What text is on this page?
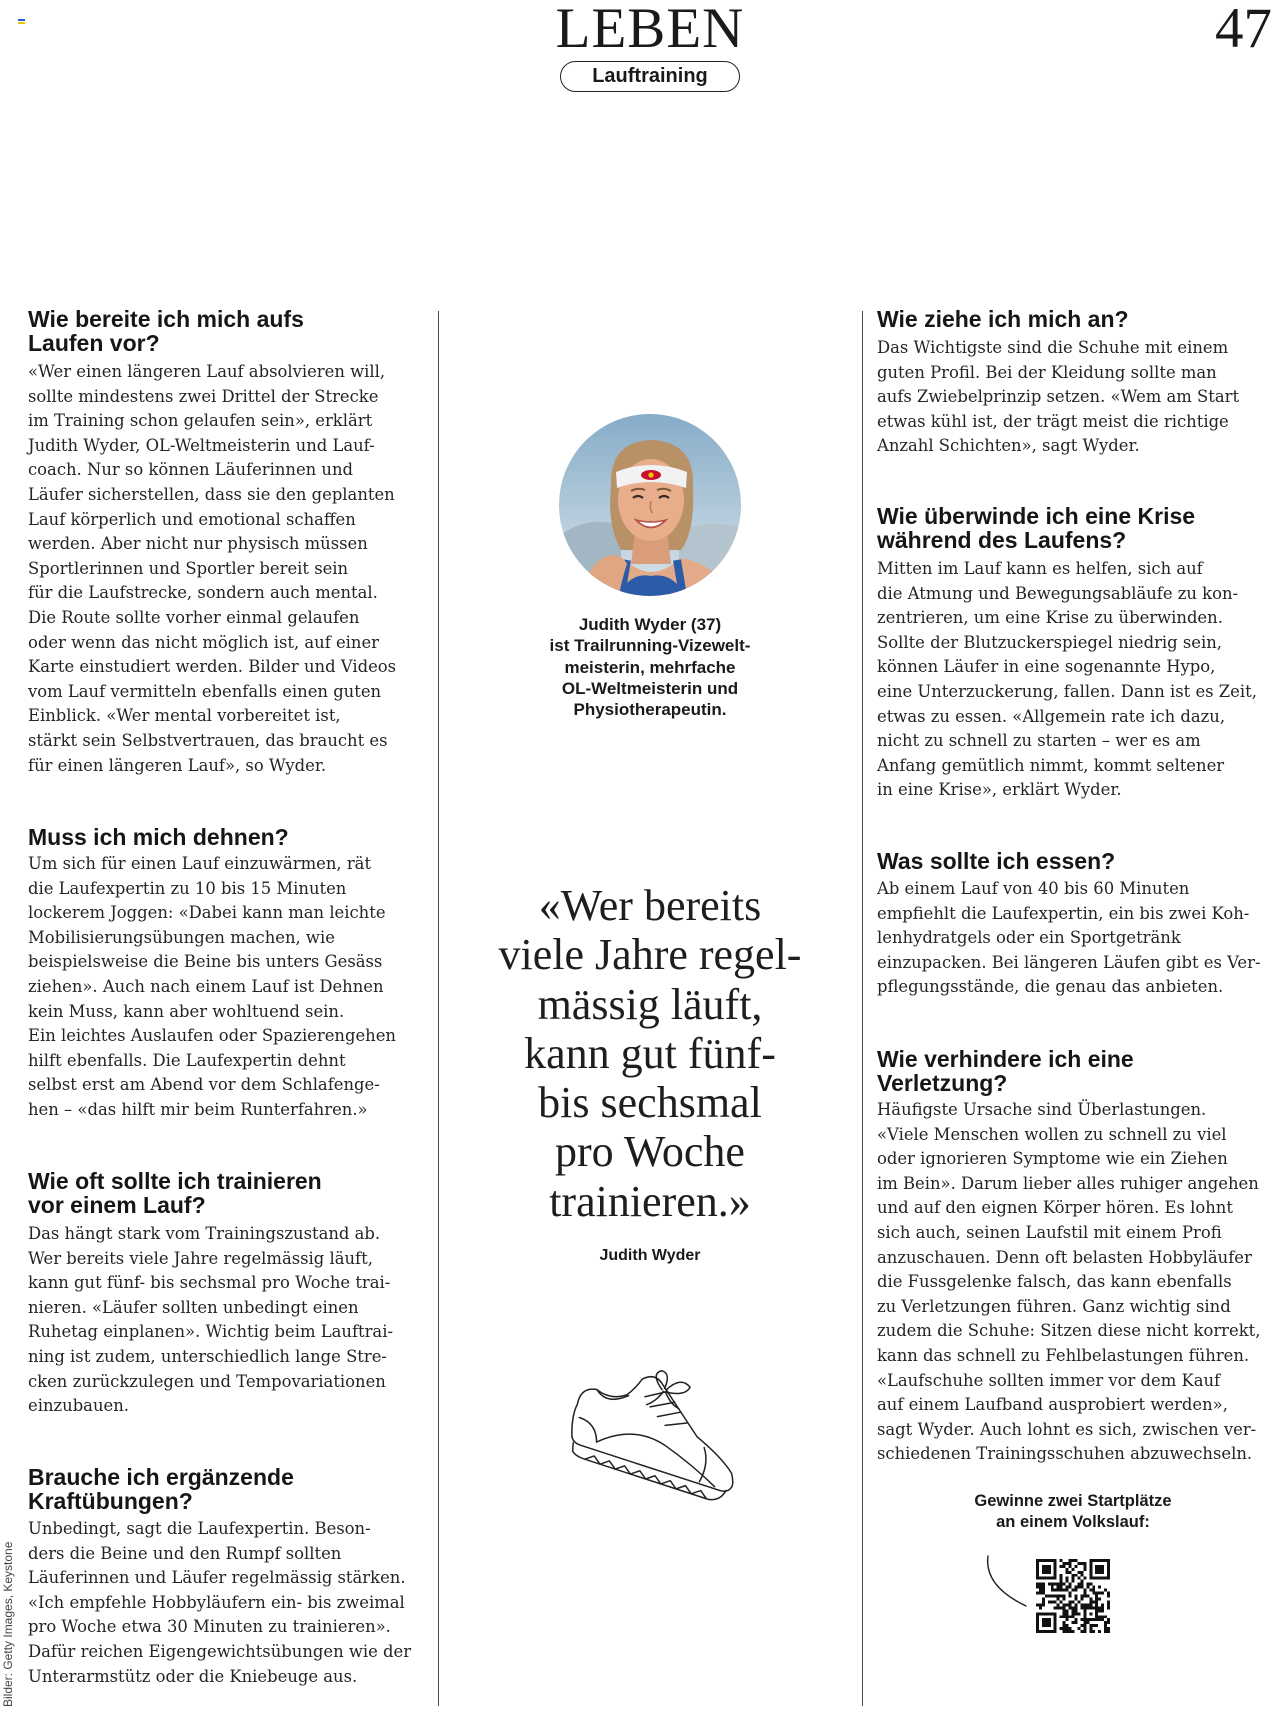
LEBEN
Lauftraining
47
Wie bereite ich mich aufs
Laufen vor?
«Wer einen längeren Lauf absolvieren will,
sollte mindestens zwei Drittel der Strecke
im Training schon gelaufen sein», erklärt
Judith Wyder, OL-Weltmeisterin und Lauf-
coach. Nur so können Läuferinnen und
Läufer sicherstellen, dass sie den geplanten
Lauf körperlich und emotional schaffen
werden. Aber nicht nur physisch müssen
Sportlerinnen und Sportler bereit sein
für die Laufstrecke, sondern auch mental.
Die Route sollte vorher einmal gelaufen
oder wenn das nicht möglich ist, auf einer
Karte einstudiert werden. Bilder und Videos
vom Lauf vermitteln ebenfalls einen guten
Einblick. «Wer mental vorbereitet ist,
stärkt sein Selbstvertrauen, das braucht es
für einen längeren Lauf», so Wyder.
Muss ich mich dehnen?
Um sich für einen Lauf einzuwärmen, rät
die Laufexpertin zu 10 bis 15 Minuten
lockerem Joggen: «Dabei kann man leichte
Mobilisierungsübungen machen, wie
beispielsweise die Beine bis unters Gesäss
ziehen». Auch nach einem Lauf ist Dehnen
kein Muss, kann aber wohltuend sein.
Ein leichtes Auslaufen oder Spazierengehen
hilft ebenfalls. Die Laufexpertin dehnt
selbst erst am Abend vor dem Schlafenge-
hen – «das hilft mir beim Runterfahren.»
Wie oft sollte ich trainieren
vor einem Lauf?
Das hängt stark vom Trainingszustand ab.
Wer bereits viele Jahre regelmässig läuft,
kann gut fünf- bis sechsmal pro Woche trai-
nieren. «Läufer sollten unbedingt einen
Ruhetag einplanen». Wichtig beim Lauftrai-
ning ist zudem, unterschiedlich lange Stre-
cken zurückzulegen und Tempovariationen
einzubauen.
Brauche ich ergänzende
Kraftübungen?
Unbedingt, sagt die Laufexpertin. Beson-
ders die Beine und den Rumpf sollten
Läuferinnen und Läufer regelmässig stärken.
«Ich empfehle Hobbyläufern ein- bis zweimal
pro Woche etwa 30 Minuten zu trainieren».
Dafür reichen Eigengewichtsübungen wie der
Unterarmstütz oder die Kniebeuge aus.
Judith Wyder (37)
ist Trailrunning-Vizewelt-
meisterin, mehrfache
OL-Weltmeisterin und
Physiotherapeutin.
«Wer bereits
viele Jahre regel-
mässig läuft,
kann gut fünf-
bis sechsmal
pro Woche
trainieren.»
Judith Wyder
Wie ziehe ich mich an?
Das Wichtigste sind die Schuhe mit einem
guten Profil. Bei der Kleidung sollte man
aufs Zwiebelprinzip setzen. «Wem am Start
etwas kühl ist, der trägt meist die richtige
Anzahl Schichten», sagt Wyder.
Wie überwinde ich eine Krise
während des Laufens?
Mitten im Lauf kann es helfen, sich auf
die Atmung und Bewegungsabläufe zu kon-
zentrieren, um eine Krise zu überwinden.
Sollte der Blutzuckerspiegel niedrig sein,
können Läufer in eine sogenannte Hypo,
eine Unterzuckerung, fallen. Dann ist es Zeit,
etwas zu essen. «Allgemein rate ich dazu,
nicht zu schnell zu starten – wer es am
Anfang gemütlich nimmt, kommt seltener
in eine Krise», erklärt Wyder.
Was sollte ich essen?
Ab einem Lauf von 40 bis 60 Minuten
empfiehlt die Laufexpertin, ein bis zwei Koh-
lenhydratgels oder ein Sportgetränk
einzupacken. Bei längeren Läufen gibt es Ver-
pflegungsstände, die genau das anbieten.
Wie verhindere ich eine
Verletzung?
Häufigste Ursache sind Überlastungen.
«Viele Menschen wollen zu schnell zu viel
oder ignorieren Symptome wie ein Ziehen
im Bein». Darum lieber alles ruhiger angehen
und auf den eignen Körper hören. Es lohnt
sich auch, seinen Laufstil mit einem Profi
anzuschauen. Denn oft belasten Hobbyläufer
die Fussgelenke falsch, das kann ebenfalls
zu Verletzungen führen. Ganz wichtig sind
zudem die Schuhe: Sitzen diese nicht korrekt,
kann das schnell zu Fehlbelastungen führen.
«Laufschuhe sollten immer vor dem Kauf
auf einem Laufband ausprobiert werden»,
sagt Wyder. Auch lohnt es sich, zwischen ver-
schiedenen Trainingsschuhen abzuwechseln.
Gewinne zwei Startplätze
an einem Volkslauf:
Bilder: Getty Images, Keystone
